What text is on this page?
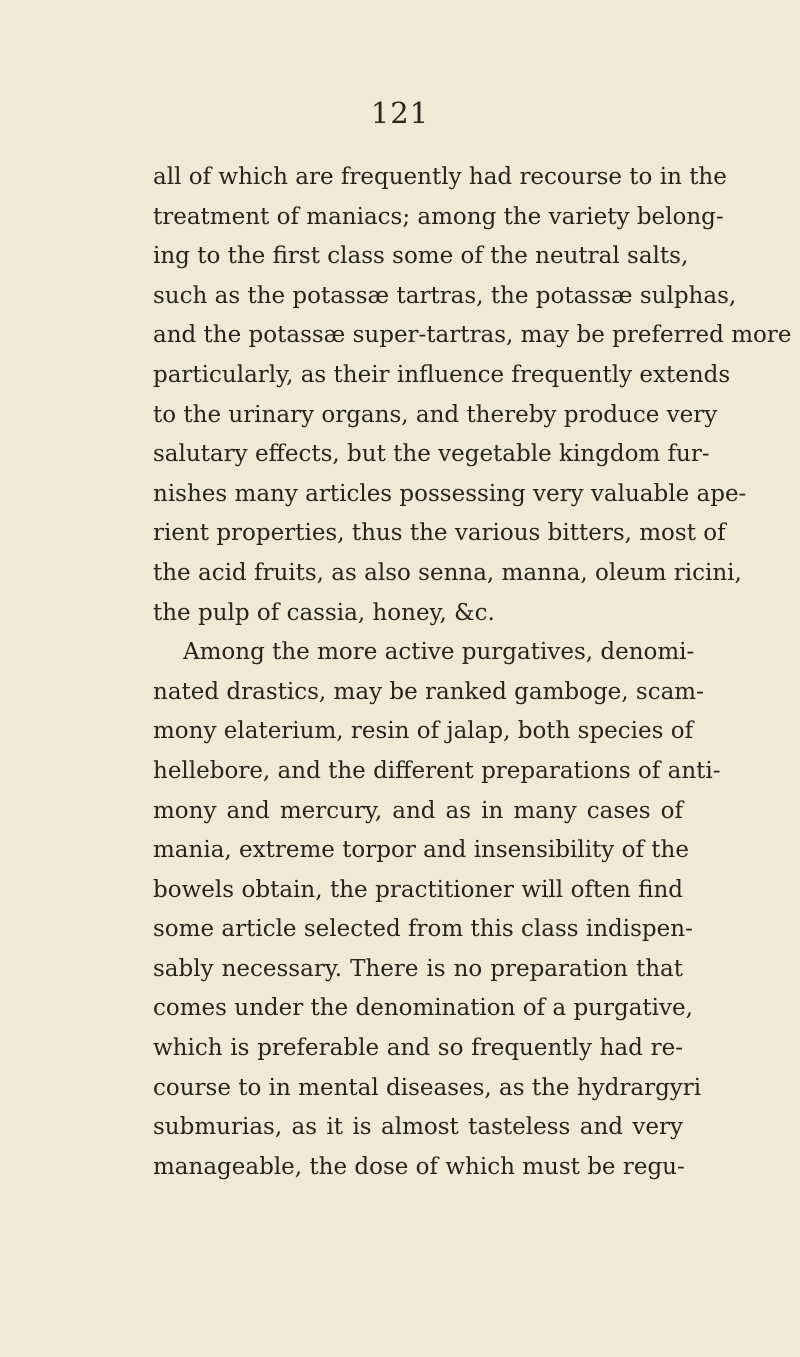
121
all of which are frequently had recourse to in the
treatment of maniacs; among the variety belong-
ing to the first class some of the neutral salts,
such as the potassæ tartras, the potassæ sulphas,
and the potassæ super-tartras, may be preferred more
particularly, as their influence frequently extends
to the urinary organs, and thereby produce very
salutary effects, but the vegetable kingdom fur-
nishes many articles possessing very valuable ape-
rient properties, thus the various bitters, most of
the acid fruits, as also senna, manna, oleum ricini,
the pulp of cassia, honey, &c.
Among the more active purgatives, denomi-
nated drastics, may be ranked gamboge, scam-
mony elaterium, resin of jalap, both species of
hellebore, and the different preparations of anti-
mony and mercury, and as in many cases of
mania, extreme torpor and insensibility of the
bowels obtain, the practitioner will often find
some article selected from this class indispen-
sably necessary. There is no preparation that
comes under the denomination of a purgative,
which is preferable and so frequently had re-
course to in mental diseases, as the hydrargyri
submurias, as it is almost tasteless and very
manageable, the dose of which must be regu-
